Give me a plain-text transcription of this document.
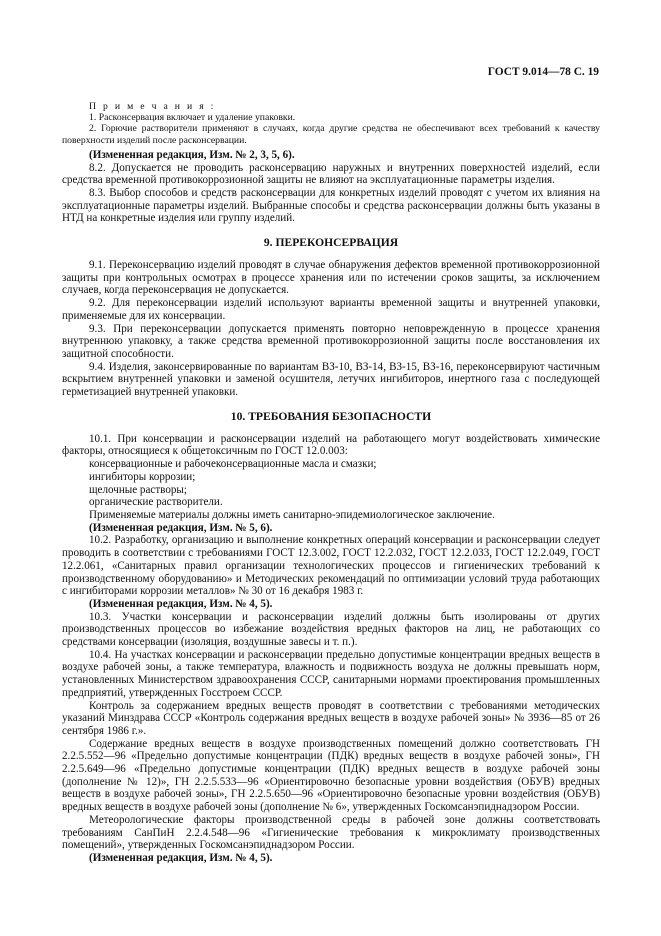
ГОСТ 9.014—78 С. 19

П р и м е ч а н и я :

1. Расконсервация включает и удаление упаковки.

2. Горючие растворители применяют в случаях, когда другие средства не обеспечивают всех требований к качеству поверхности изделий после расконсервации.

(Измененная редакция, Изм. № 2, 3, 5, 6).

8.2. Допускается не проводить расконсервацию наружных и внутренних поверхностей изделий, если средства временной противокоррозионной защиты не влияют на эксплуатационные параметры изделия.

8.3. Выбор способов и средств расконсервации для конкретных изделий проводят с учетом их влияния на эксплуатационные параметры изделий. Выбранные способы и средства расконсервации должны быть указаны в НТД на конкретные изделия или группу изделий.

9. ПЕРЕКОНСЕРВАЦИЯ

9.1. Переконсервацию изделий проводят в случае обнаружения дефектов временной противокоррозионной защиты при контрольных осмотрах в процессе хранения или по истечении сроков защиты, за исключением случаев, когда переконсервация не допускается.

9.2. Для переконсервации изделий используют варианты временной защиты и внутренней упаковки, применяемые для их консервации.

9.3. При переконсервации допускается применять повторно неповрежденную в процессе хранения внутреннюю упаковку, а также средства временной противокоррозионной защиты после восстановления их защитной способности.

9.4. Изделия, законсервированные по вариантам ВЗ-10, ВЗ-14, ВЗ-15, ВЗ-16, переконсервируют частичным вскрытием внутренней упаковки и заменой осушителя, летучих ингибиторов, инертного газа с последующей герметизацией внутренней упаковки.

10. ТРЕБОВАНИЯ БЕЗОПАСНОСТИ

10.1. При консервации и расконсервации изделий на работающего могут воздействовать химические факторы, относящиеся к общетоксичным по ГОСТ 12.0.003:

консервационные и рабочеконсервационные масла и смазки;

ингибиторы коррозии;

щелочные растворы;

органические растворители.

Применяемые материалы должны иметь санитарно-эпидемиологическое заключение.

(Измененная редакция, Изм. № 5, 6).

10.2. Разработку, организацию и выполнение конкретных операций консервации и расконсервации следует проводить в соответствии с требованиями ГОСТ 12.3.002, ГОСТ 12.2.032, ГОСТ 12.2.033, ГОСТ 12.2.049, ГОСТ 12.2.061, «Санитарных правил организации технологических процессов и гигиенических требований к производственному оборудованию» и Методических рекомендаций по оптимизации условий труда работающих с ингибиторами коррозии металлов» № 30 от 16 декабря 1983 г.

(Измененная редакция, Изм. № 4, 5).

10.3. Участки консервации и расконсервации изделий должны быть изолированы от других производственных процессов во избежание воздействия вредных факторов на лиц, не работающих со средствами консервации (изоляция, воздушные завесы и т. п.).

10.4. На участках консервации и расконсервации предельно допустимые концентрации вредных веществ в воздухе рабочей зоны, а также температура, влажность и подвижность воздуха не должны превышать норм, установленных Министерством здравоохранения СССР, санитарными нормами проектирования промышленных предприятий, утвержденных Госстроем СССР.

Контроль за содержанием вредных веществ проводят в соответствии с требованиями методических указаний Минздрава СССР «Контроль содержания вредных веществ в воздухе рабочей зоны» № 3936—85 от 26 сентября 1986 г.».

Содержание вредных веществ в воздухе производственных помещений должно соответствовать ГН 2.2.5.552—96 «Предельно допустимые концентрации (ПДК) вредных веществ в воздухе рабочей зоны», ГН 2.2.5.649—96 «Предельно допустимые концентрации (ПДК) вредных веществ в воздухе рабочей зоны (дополнение № 12)», ГН 2.2.5.533—96 «Ориентировочно безопасные уровни воздействия (ОБУВ) вредных веществ в воздухе рабочей зоны», ГН 2.2.5.650—96 «Ориентировочно безопасные уровни воздействия (ОБУВ) вредных веществ в воздухе рабочей зоны (дополнение № 6», утвержденных Госкомсанэпиднадзором России.

Метеорологические факторы производственной среды в рабочей зоне должны соответствовать требованиям СанПиН 2.2.4.548—96 «Гигиенические требования к микроклимату производственных помещений», утвержденных Госкомсанэпиднадзором России.

(Измененная редакция, Изм. № 4, 5).
